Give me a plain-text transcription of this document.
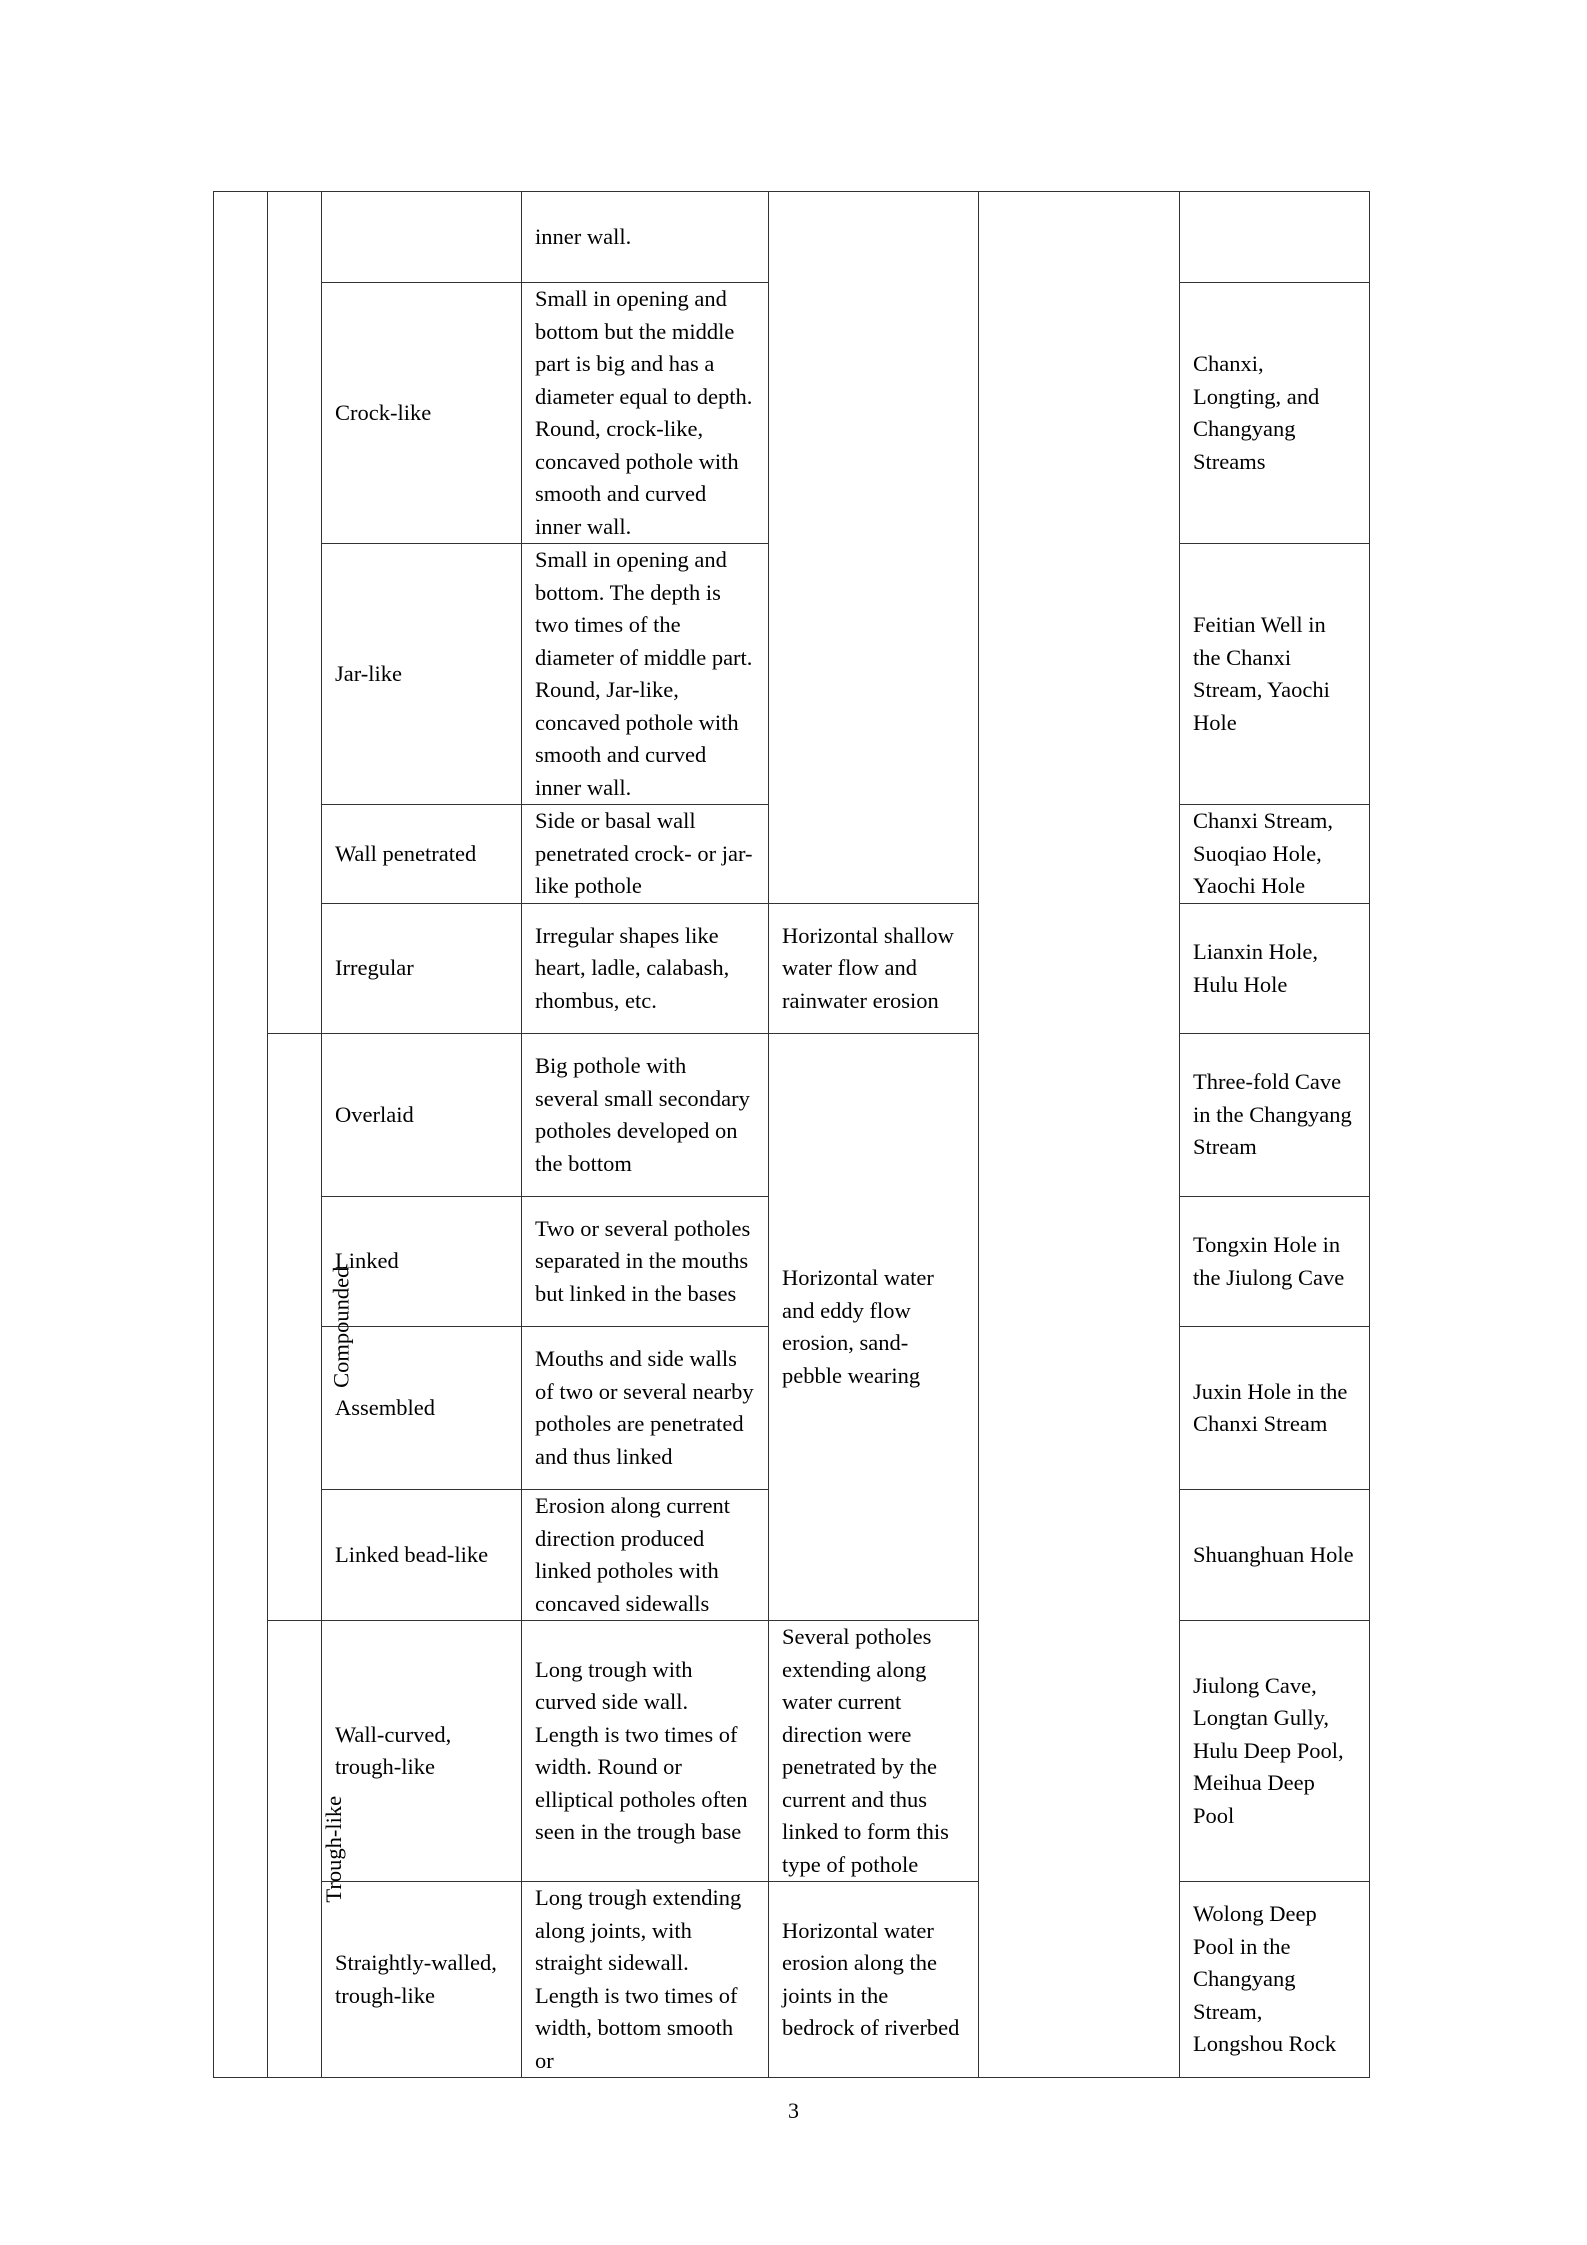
			inner wall.			
		Crock-like	Small in opening and bottom but the middle part is big and has a diameter equal to depth. Round, crock-like, concaved pothole with smooth and curved inner wall.			Chanxi, Longting, and Changyang Streams
		Jar-like	Small in opening and bottom. The depth is two times of the diameter of middle part. Round, Jar-like, concaved pothole with smooth and curved inner wall.			Feitian Well in the Chanxi Stream, Yaochi Hole
		Wall penetrated	Side or basal wall penetrated crock- or jar-like pothole			Chanxi Stream, Suoqiao Hole, Yaochi Hole
		Irregular	Irregular shapes like heart, ladle, calabash, rhombus, etc.	Horizontal shallow water flow and rainwater erosion		Lianxin Hole, Hulu Hole
	Compounded	Overlaid	Big pothole with several small secondary potholes developed on the bottom	Horizontal water and eddy flow erosion, sand-pebble wearing		Three-fold Cave in the Changyang Stream
		Linked	Two or several potholes separated in the mouths but linked in the bases			Tongxin Hole in the Jiulong Cave
		Assembled	Mouths and side walls of two or several nearby potholes are penetrated and thus linked			Juxin Hole in the Chanxi Stream
		Linked bead-like	Erosion along current direction produced linked potholes with concaved sidewalls			Shuanghuan Hole
	Trough-like	Wall-curved, trough-like	Long trough with curved side wall. Length is two times of width. Round or elliptical potholes often seen in the trough base	Several potholes extending along water current direction were penetrated by the current and thus linked to form this type of pothole		Jiulong Cave, Longtan Gully, Hulu Deep Pool, Meihua Deep Pool
		Straightly-walled, trough-like	Long trough extending along joints, with straight sidewall. Length is two times of width, bottom smooth or	Horizontal water erosion along the joints in the bedrock of riverbed		Wolong Deep Pool in the Changyang Stream, Longshou Rock
3
